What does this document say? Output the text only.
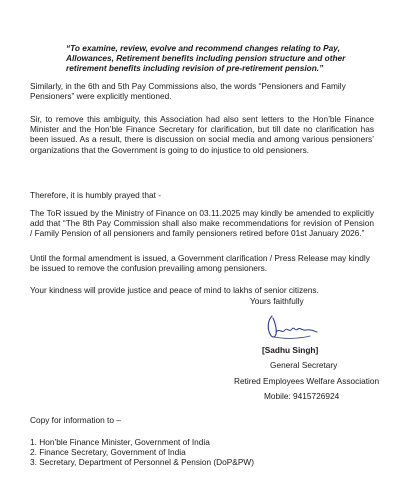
“To examine, review, evolve and recommend changes relating to Pay, Allowances, Retirement benefits including pension structure and other retirement benefits including revision of pre-retirement pension.”

Similarly, in the 6th and 5th Pay Commissions also, the words “Pensioners and Family Pensioners” were explicitly mentioned.

Sir, to remove this ambiguity, this Association had also sent letters to the Hon’ble Finance Minister and the Hon’ble Finance Secretary for clarification, but till date no clarification has been issued. As a result, there is discussion on social media and among various pensioners’ organizations that the Government is going to do injustice to old pensioners.

Therefore, it is humbly prayed that -

The ToR issued by the Ministry of Finance on 03.11.2025 may kindly be amended to explicitly add that “The 8th Pay Commission shall also make recommendations for revision of Pension / Family Pension of all pensioners and family pensioners retired before 01st January 2026.”

Until the formal amendment is issued, a Government clarification / Press Release may kindly be issued to remove the confusion prevailing among pensioners.

Your kindness will provide justice and peace of mind to lakhs of senior citizens.

Yours faithfully

[Sadhu Singh]

General Secretary

Retired Employees Welfare Association

Mobile: 9415726924

Copy for information to –

1. Hon’ble Finance Minister, Government of India
2. Finance Secretary, Government of India
3. Secretary, Department of Personnel & Pension (DoP&PW)
